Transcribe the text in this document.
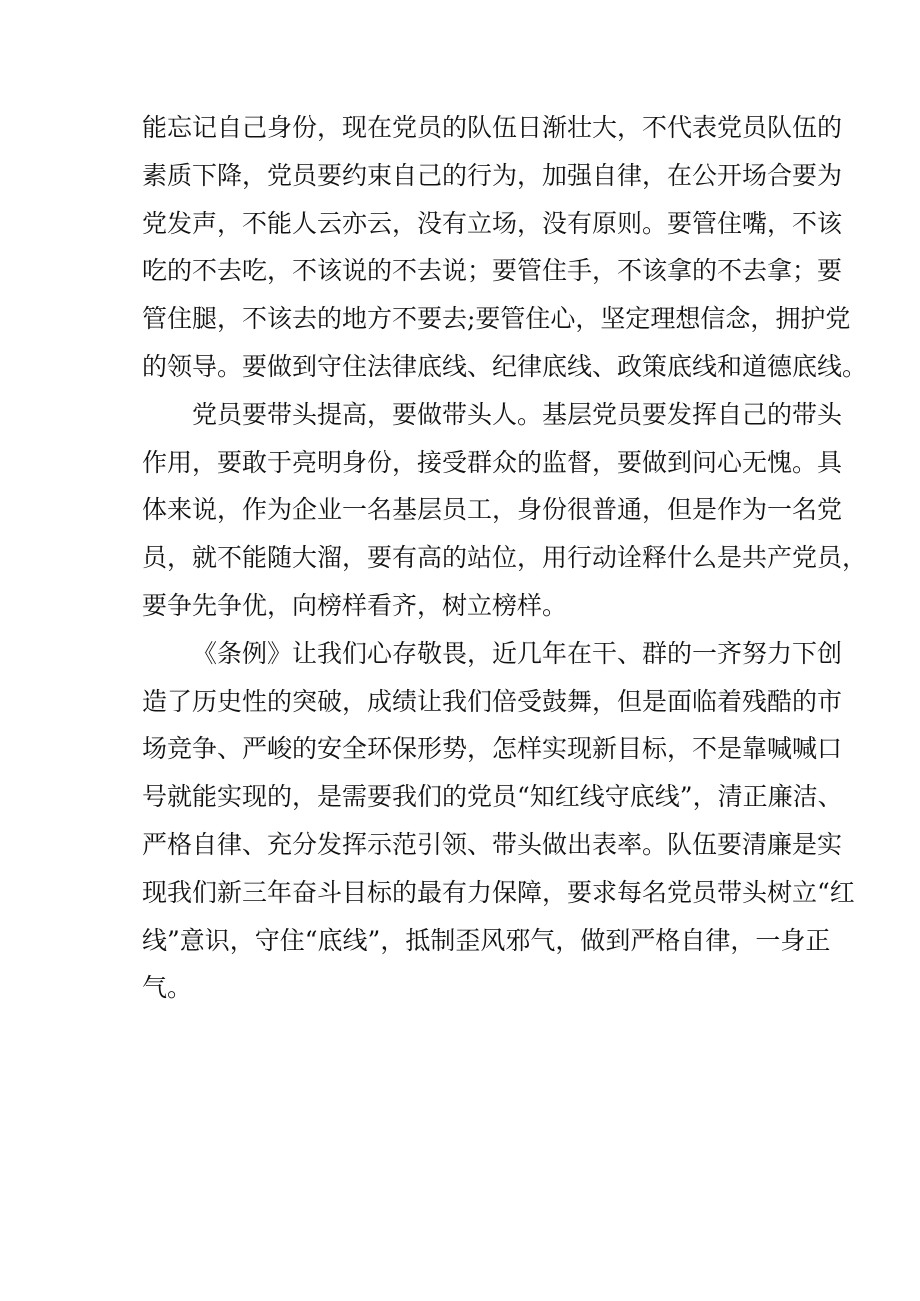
能忘记自己身份，现在党员的队伍日渐壮大，不代表党员队伍的
素质下降，党员要约束自己的行为，加强自律，在公开场合要为
党发声，不能人云亦云，没有立场，没有原则。要管住嘴，不该
吃的不去吃，不该说的不去说；要管住手，不该拿的不去拿；要
管住腿，不该去的地方不要去;要管住心，坚定理想信念，拥护党
的领导。要做到守住法律底线、纪律底线、政策底线和道德底线。
党员要带头提高，要做带头人。基层党员要发挥自己的带头
作用，要敢于亮明身份，接受群众的监督，要做到问心无愧。具
体来说，作为企业一名基层员工，身份很普通，但是作为一名党
员，就不能随大溜，要有高的站位，用行动诠释什么是共产党员，
要争先争优，向榜样看齐，树立榜样。
《条例》让我们心存敬畏，近几年在干、群的一齐努力下创
造了历史性的突破，成绩让我们倍受鼓舞，但是面临着残酷的市
场竞争、严峻的安全环保形势，怎样实现新目标，不是靠喊喊口
号就能实现的，是需要我们的党员“知红线守底线”，清正廉洁、
严格自律、充分发挥示范引领、带头做出表率。队伍要清廉是实
现我们新三年奋斗目标的最有力保障，要求每名党员带头树立“红
线”意识，守住“底线”，抵制歪风邪气，做到严格自律，一身正
气。
